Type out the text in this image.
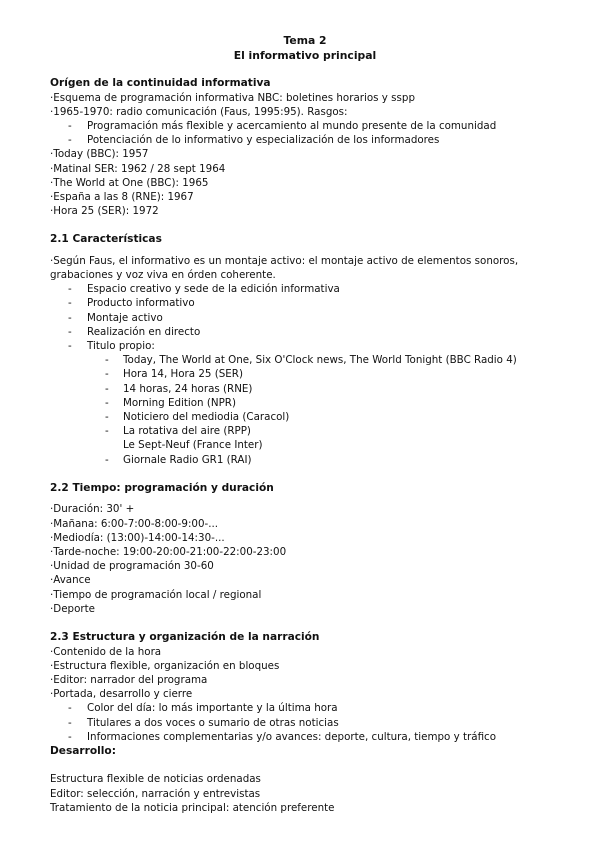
Tema 2
El informativo principal
Orígen de la continuidad informativa
·Esquema de programación informativa NBC: boletines horarios y sspp
·1965-1970: radio comunicación (Faus, 1995:95). Rasgos:
- Programación más flexible y acercamiento al mundo presente de la comunidad
- Potenciación de lo informativo y especialización de los informadores
·Today (BBC): 1957
·Matinal SER: 1962 / 28 sept 1964
·The World at One (BBC): 1965
·España a las 8 (RNE): 1967
·Hora 25 (SER): 1972
2.1 Características
·Según Faus, el informativo es un montaje activo: el montaje activo de elementos sonoros, grabaciones y voz viva en órden coherente.
- Espacio creativo y sede de la edición informativa
- Producto informativo
- Montaje activo
- Realización en directo
- Titulo propio:
- Today, The World at One, Six O'Clock news, The World Tonight (BBC Radio 4)
- Hora 14, Hora 25 (SER)
- 14 horas, 24 horas (RNE)
- Morning Edition (NPR)
- Noticiero del mediodia (Caracol)
- La rotativa del aire (RPP)
Le Sept-Neuf (France Inter)
- Giornale Radio GR1 (RAI)
2.2 Tiempo: programación y duración
·Duración: 30' +
·Mañana: 6:00-7:00-8:00-9:00-...
·Mediodía: (13:00)-14:00-14:30-...
·Tarde-noche: 19:00-20:00-21:00-22:00-23:00
·Unidad de programación 30-60
·Avance
·Tiempo de programación local / regional
·Deporte
2.3 Estructura y organización de la narración
·Contenido de la hora
·Estructura flexible, organización en bloques
·Editor: narrador del programa
·Portada, desarrollo y cierre
- Color del día: lo más importante y la última hora
- Titulares a dos voces o sumario de otras noticias
- Informaciones complementarias y/o avances: deporte, cultura, tiempo y tráfico
Desarrollo:
Estructura flexible de noticias ordenadas
Editor: selección, narración y entrevistas
Tratamiento de la noticia principal: atención preferente
